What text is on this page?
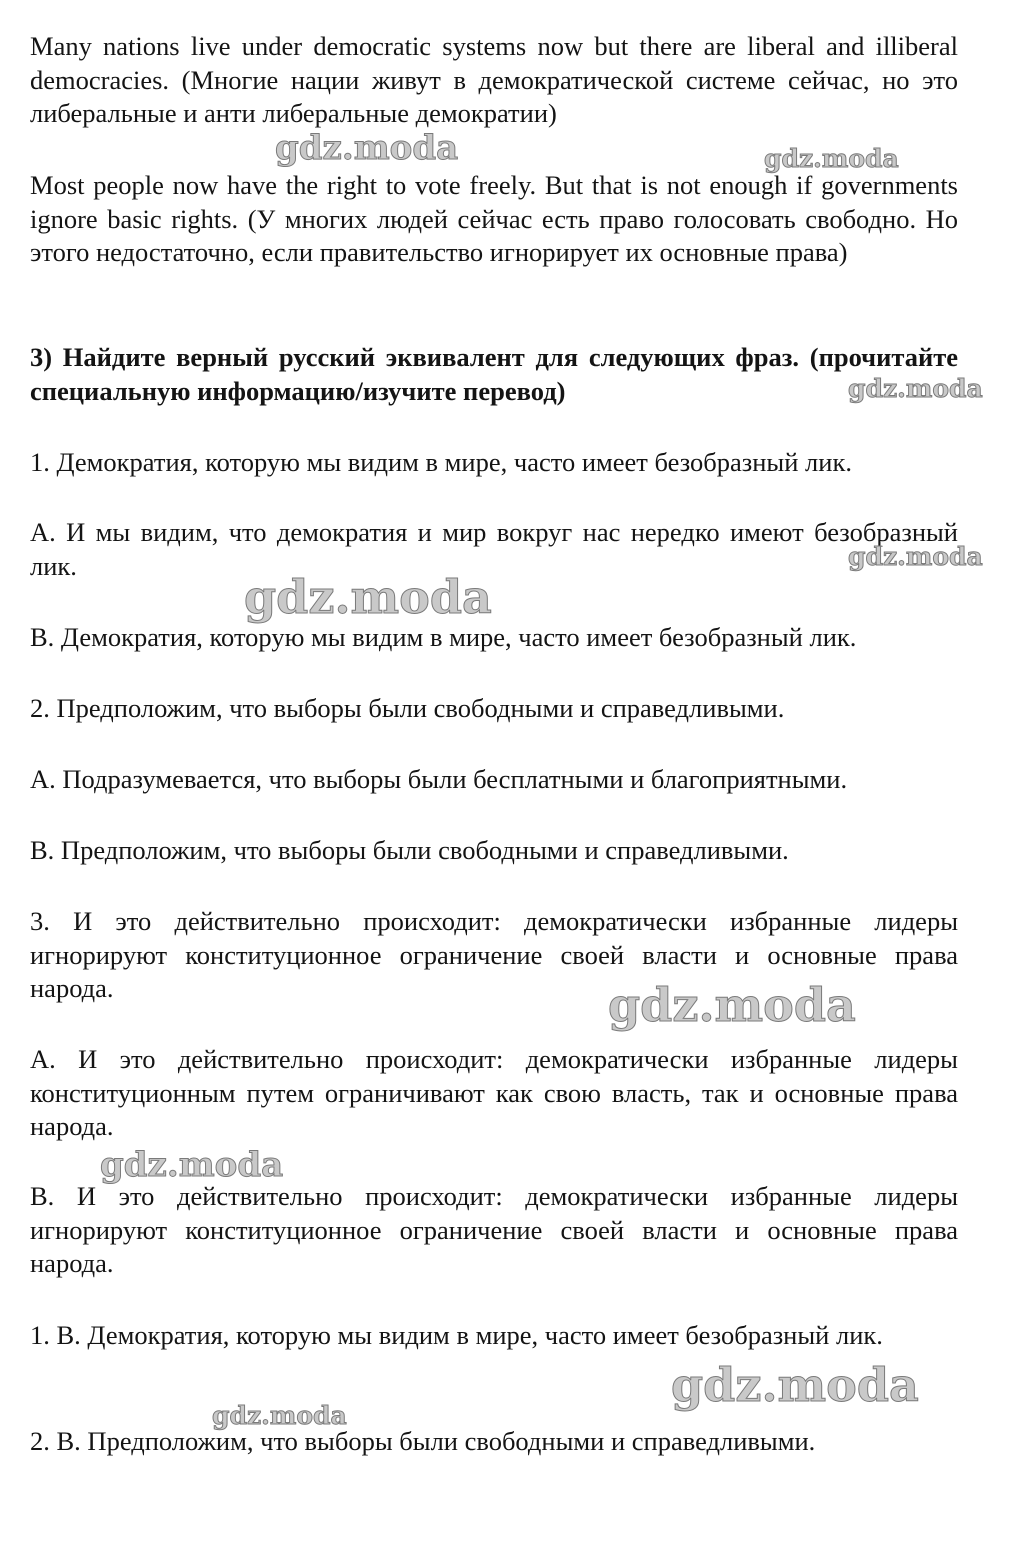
Many nations live under democratic systems now but there are liberal and illiberal democracies. (Многие нации живут в демократической системе сейчас, но это либеральные и анти либеральные демократии)

Most people now have the right to vote freely. But that is not enough if governments ignore basic rights. (У многих людей сейчас есть право голосовать свободно. Но этого недостаточно, если правительство игнорирует их основные права)

3) Найдите верный русский эквивалент для следующих фраз. (прочитайте специальную информацию/изучите перевод)

1. Демократия, которую мы видим в мире, часто имеет безобразный лик.

А. И мы видим, что демократия и мир вокруг нас нередко имеют безобразный лик.

В. Демократия, которую мы видим в мире, часто имеет безобразный лик.

2. Предположим, что выборы были свободными и справедливыми.

А. Подразумевается, что выборы были бесплатными и благоприятными.

В. Предположим, что выборы были свободными и справедливыми.

3. И это действительно происходит: демократически избранные лидеры игнорируют конституционное ограничение своей власти и основные права народа.

А. И это действительно происходит: демократически избранные лидеры конституционным путем ограничивают как свою власть, так и основные права народа.

В. И это действительно происходит: демократически избранные лидеры игнорируют конституционное ограничение своей власти и основные права народа.

1. В. Демократия, которую мы видим в мире, часто имеет безобразный лик.

2. В. Предположим, что выборы были свободными и справедливыми.

gdz.moda	gdz.moda
gdz.moda
gdz.moda
gdz.moda
gdz.moda
gdz.moda
gdz.moda
gdz.moda
